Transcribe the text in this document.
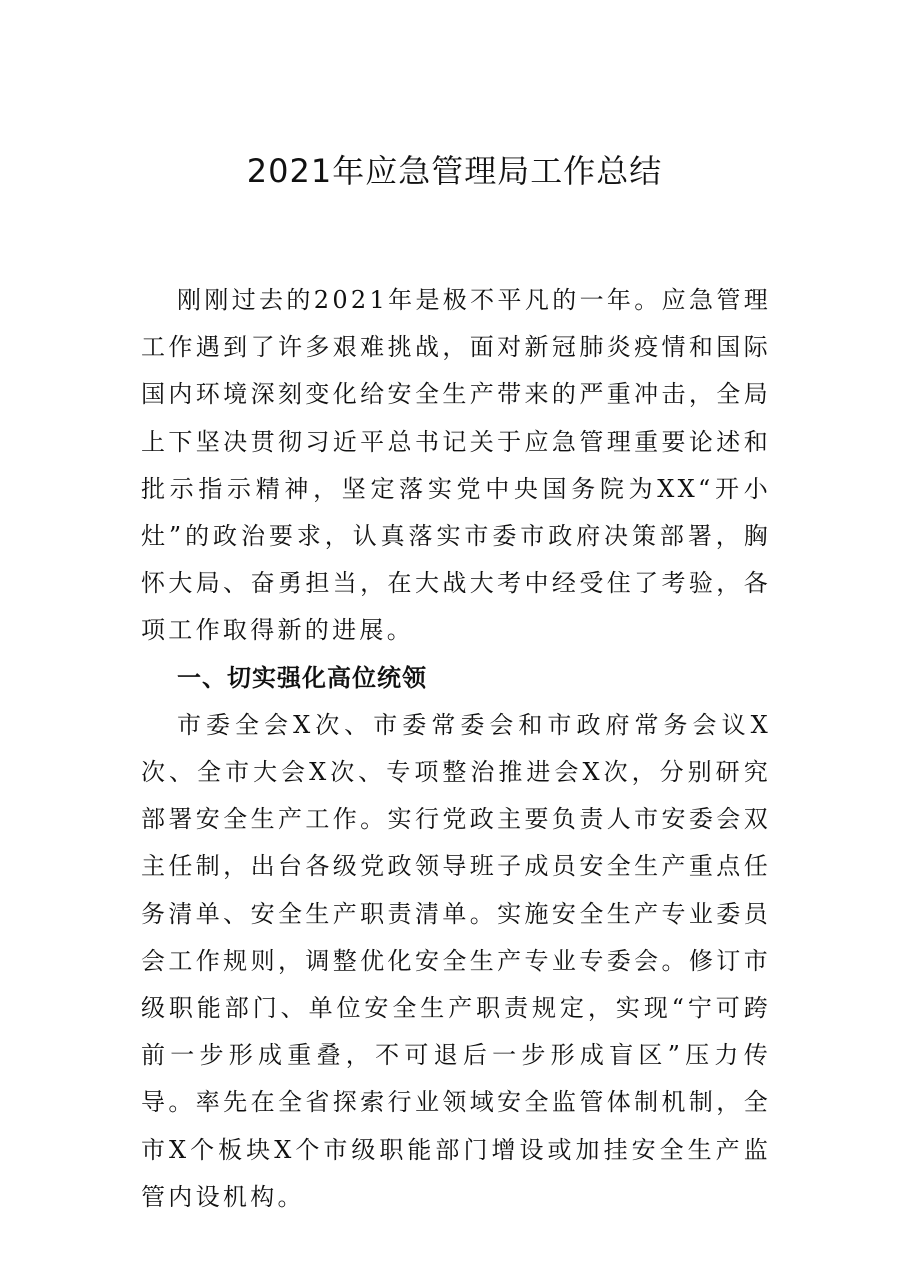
2021年应急管理局工作总结

刚刚过去的2021年是极不平凡的一年。应急管理工作遇到了许多艰难挑战，面对新冠肺炎疫情和国际国内环境深刻变化给安全生产带来的严重冲击，全局上下坚决贯彻习近平总书记关于应急管理重要论述和批示指示精神，坚定落实党中央国务院为XX“开小灶”的政治要求，认真落实市委市政府决策部署，胸怀大局、奋勇担当，在大战大考中经受住了考验，各项工作取得新的进展。

一、切实强化高位统领

市委全会X次、市委常委会和市政府常务会议X次、全市大会X次、专项整治推进会X次，分别研究部署安全生产工作。实行党政主要负责人市安委会双主任制，出台各级党政领导班子成员安全生产重点任务清单、安全生产职责清单。实施安全生产专业委员会工作规则，调整优化安全生产专业专委会。修订市级职能部门、单位安全生产职责规定，实现“宁可跨前一步形成重叠，不可退后一步形成盲区”压力传导。率先在全省探索行业领域安全监管体制机制，全市X个板块X个市级职能部门增设或加挂安全生产监管内设机构。
